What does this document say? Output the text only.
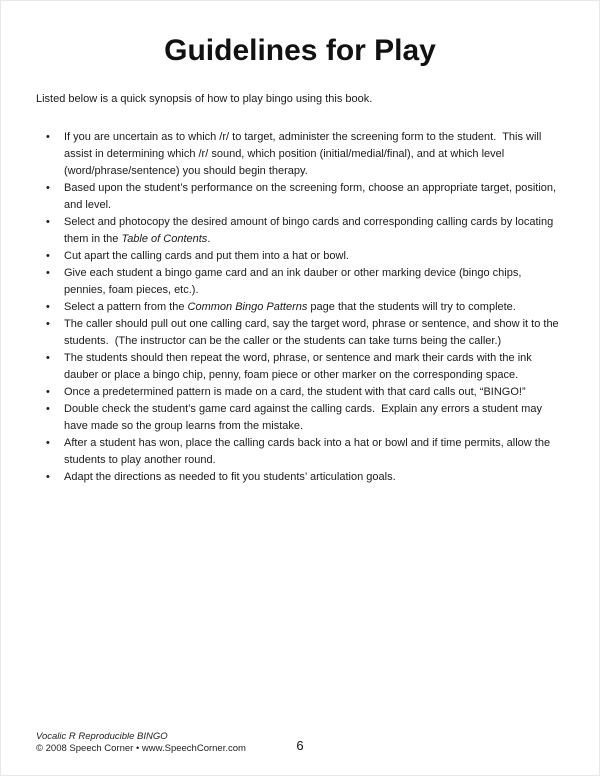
Guidelines for Play

Listed below is a quick synopsis of how to play bingo using this book.

• If you are uncertain as to which /r/ to target, administer the screening form to the student.  This will assist in determining which /r/ sound, which position (initial/medial/final), and at which level (word/phrase/sentence) you should begin therapy.
• Based upon the student’s performance on the screening form, choose an appropriate target, position, and level.
• Select and photocopy the desired amount of bingo cards and corresponding calling cards by locating them in the Table of Contents.
• Cut apart the calling cards and put them into a hat or bowl.
• Give each student a bingo game card and an ink dauber or other marking device (bingo chips, pennies, foam pieces, etc.).
• Select a pattern from the Common Bingo Patterns page that the students will try to complete.
• The caller should pull out one calling card, say the target word, phrase or sentence, and show it to the students.  (The instructor can be the caller or the students can take turns being the caller.)
• The students should then repeat the word, phrase, or sentence and mark their cards with the ink dauber or place a bingo chip, penny, foam piece or other marker on the corresponding space.
• Once a predetermined pattern is made on a card, the student with that card calls out, “BINGO!”
• Double check the student’s game card against the calling cards.  Explain any errors a student may have made so the group learns from the mistake.
• After a student has won, place the calling cards back into a hat or bowl and if time permits, allow the students to play another round.
• Adapt the directions as needed to fit you students’ articulation goals.
Vocalic R Reproducible BINGO
© 2008 Speech Corner • www.SpeechCorner.com	6
